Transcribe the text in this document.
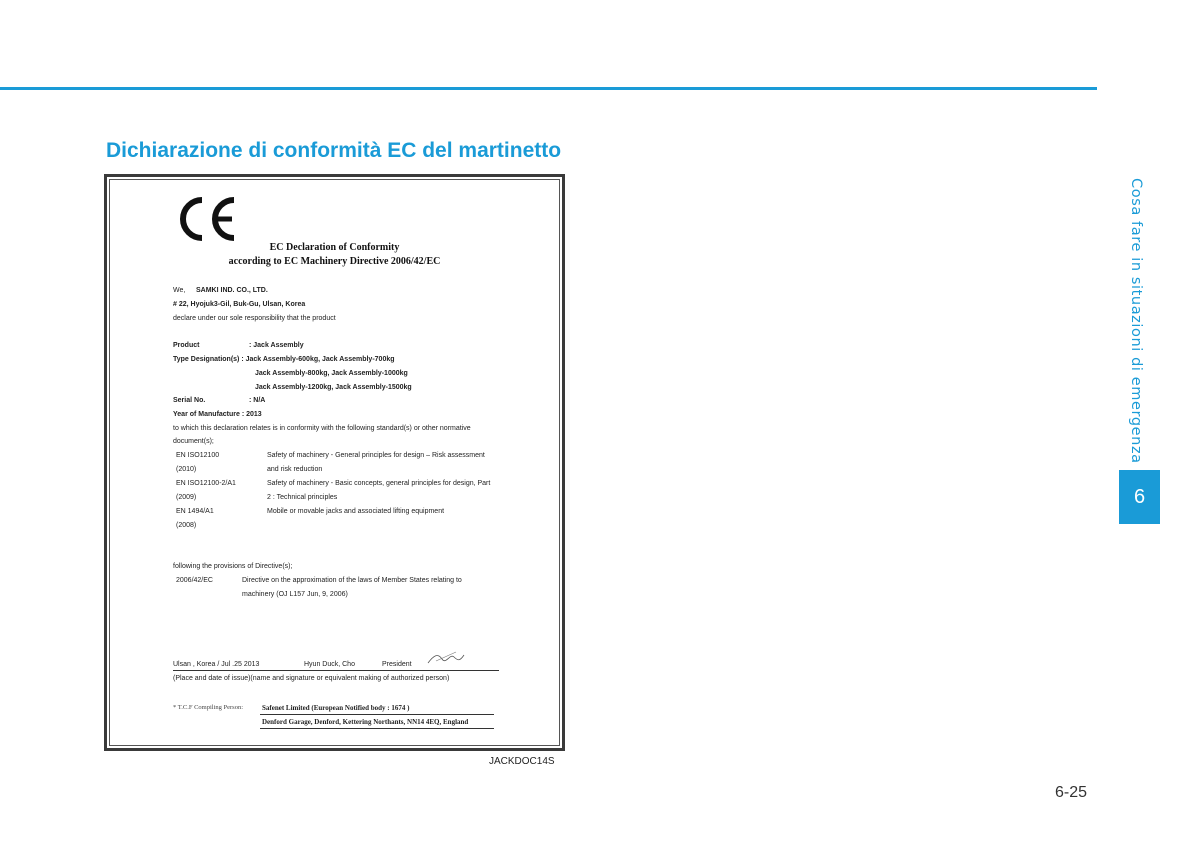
Dichiarazione di conformità EC del martinetto
EC Declaration of Conformity
according to EC Machinery Directive 2006/42/EC
We, SAMKI IND. CO., LTD.
# 22, Hyojuk3-Gil, Buk-Gu, Ulsan, Korea
declare under our sole responsibility that the product
Product	: Jack Assembly
Type Designation(s) : Jack Assembly-600kg, Jack Assembly-700kg
Jack Assembly-800kg, Jack Assembly-1000kg
Jack Assembly-1200kg, Jack Assembly-1500kg
Serial No.	: N/A
Year of Manufacture : 2013
to which this declaration relates is in conformity with the following standard(s) or other normative
document(s);
EN ISO12100	Safety of machinery - General principles for design – Risk assessment
(2010)	and risk reduction
EN ISO12100-2/A1	Safety of machinery - Basic concepts, general principles for design, Part
(2009)	2 : Technical principles
EN 1494/A1	Mobile or movable jacks and associated lifting equipment
(2008)
following the provisions of Directive(s);
2006/42/EC	Directive on the approximation of the laws of Member States relating to
machinery (OJ L157 Jun, 9, 2006)
Ulsan , Korea / Jul .25 2013	Hyun Duck, Cho	President
(Place and date of issue)(name and signature or equivalent making of authorized person)
* T.C.F Compiling Person:	Safenet Limited (European Notified body : 1674 )
Denford Garage, Denford, Kettering Northants, NN14 4EQ, England
JACKDOC14S
Cosa fare in situazioni di emergenza
6
6-25
